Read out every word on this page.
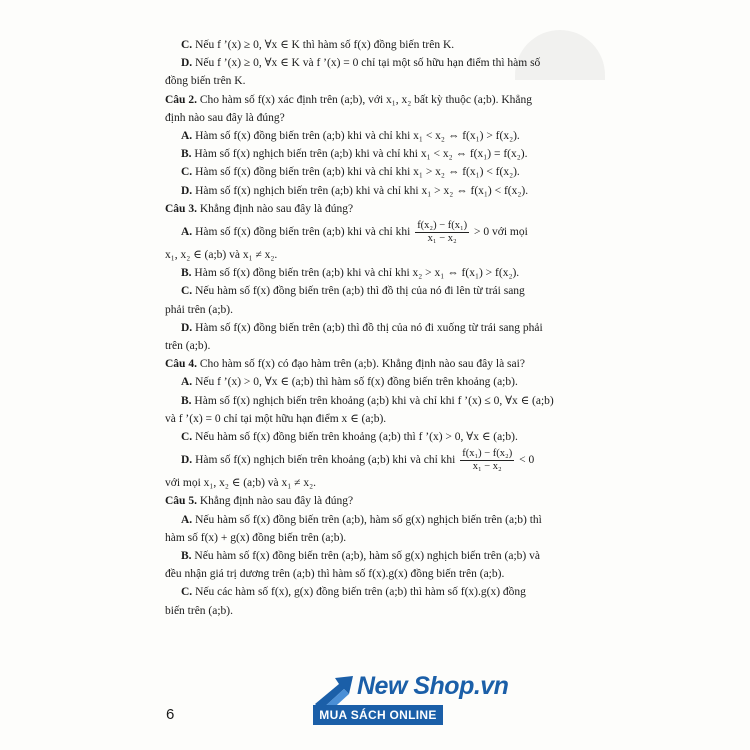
C. Nếu f ’(x) ≥ 0, ∀x ∈ K thì hàm số f(x) đồng biến trên K.

D. Nếu f ’(x) ≥ 0, ∀x ∈ K và f ’(x) = 0 chỉ tại một số hữu hạn điểm thì hàm số

đồng biến trên K.

Câu 2. Cho hàm số f(x) xác định trên (a;b), với x₁, x₂ bất kỳ thuộc (a;b). Khẳng

định nào sau đây là đúng?

A. Hàm số f(x) đồng biến trên (a;b) khi và chỉ khi x₁ < x₂ ⇔ f(x₁) > f(x₂).

B. Hàm số f(x) nghịch biến trên (a;b) khi và chỉ khi x₁ < x₂ ⇔ f(x₁) = f(x₂).

C. Hàm số f(x) đồng biến trên (a;b) khi và chỉ khi x₁ > x₂ ⇔ f(x₁) < f(x₂).

D. Hàm số f(x) nghịch biến trên (a;b) khi và chỉ khi x₁ > x₂ ⇔ f(x₁) < f(x₂).

Câu 3. Khẳng định nào sau đây là đúng?

A. Hàm số f(x) đồng biến trên (a;b) khi và chỉ khi $\frac{\text{f(x₂) − f(x₁)}}{\text{x₁ − x₂}} > 0$ với mọi

x₁, x₂ ∈ (a;b) và x₁ ≠ x₂.

B. Hàm số f(x) đồng biến trên (a;b) khi và chỉ khi x₂ > x₁ ⇔ f(x₁) > f(x₂).

C. Nếu hàm số f(x) đồng biến trên (a;b) thì đồ thị của nó đi lên từ trái sang

phải trên (a;b).

D. Hàm số f(x) đồng biến trên (a;b) thì đồ thị của nó đi xuống từ trái sang phải

trên (a;b).

Câu 4. Cho hàm số f(x) có đạo hàm trên (a;b). Khẳng định nào sau đây là sai?

A. Nếu f ’(x) > 0, ∀x ∈ (a;b) thì hàm số f(x) đồng biến trên khoảng (a;b).

B. Hàm số f(x) nghịch biến trên khoảng (a;b) khi và chỉ khi f ’(x) ≤ 0, ∀x ∈ (a;b)

và f ’(x) = 0 chỉ tại một hữu hạn điểm x ∈ (a;b).

C. Nếu hàm số f(x) đồng biến trên khoảng (a;b) thì f ’(x) > 0, ∀x ∈ (a;b).

D. Hàm số f(x) nghịch biến trên khoảng (a;b) khi và chỉ khi $\frac{\text{f(x₁) − f(x₂)}}{\text{x₁ − x₂}} < 0$

với mọi x₁, x₂ ∈ (a;b) và x₁ ≠ x₂.

Câu 5. Khẳng định nào sau đây là đúng?

A. Nếu hàm số f(x) đồng biến trên (a;b), hàm số g(x) nghịch biến trên (a;b) thì

hàm số f(x) + g(x) đồng biến trên (a;b).

B. Nếu hàm số f(x) đồng biến trên (a;b), hàm số g(x) nghịch biến trên (a;b) và

đều nhận giá trị dương trên (a;b) thì hàm số f(x).g(x) đồng biến trên (a;b).

C. Nếu các hàm số f(x), g(x) đồng biến trên (a;b) thì hàm số f(x).g(x) đồng

biến trên (a;b).

6
New Shop.vn
MUA SÁCH ONLINE
